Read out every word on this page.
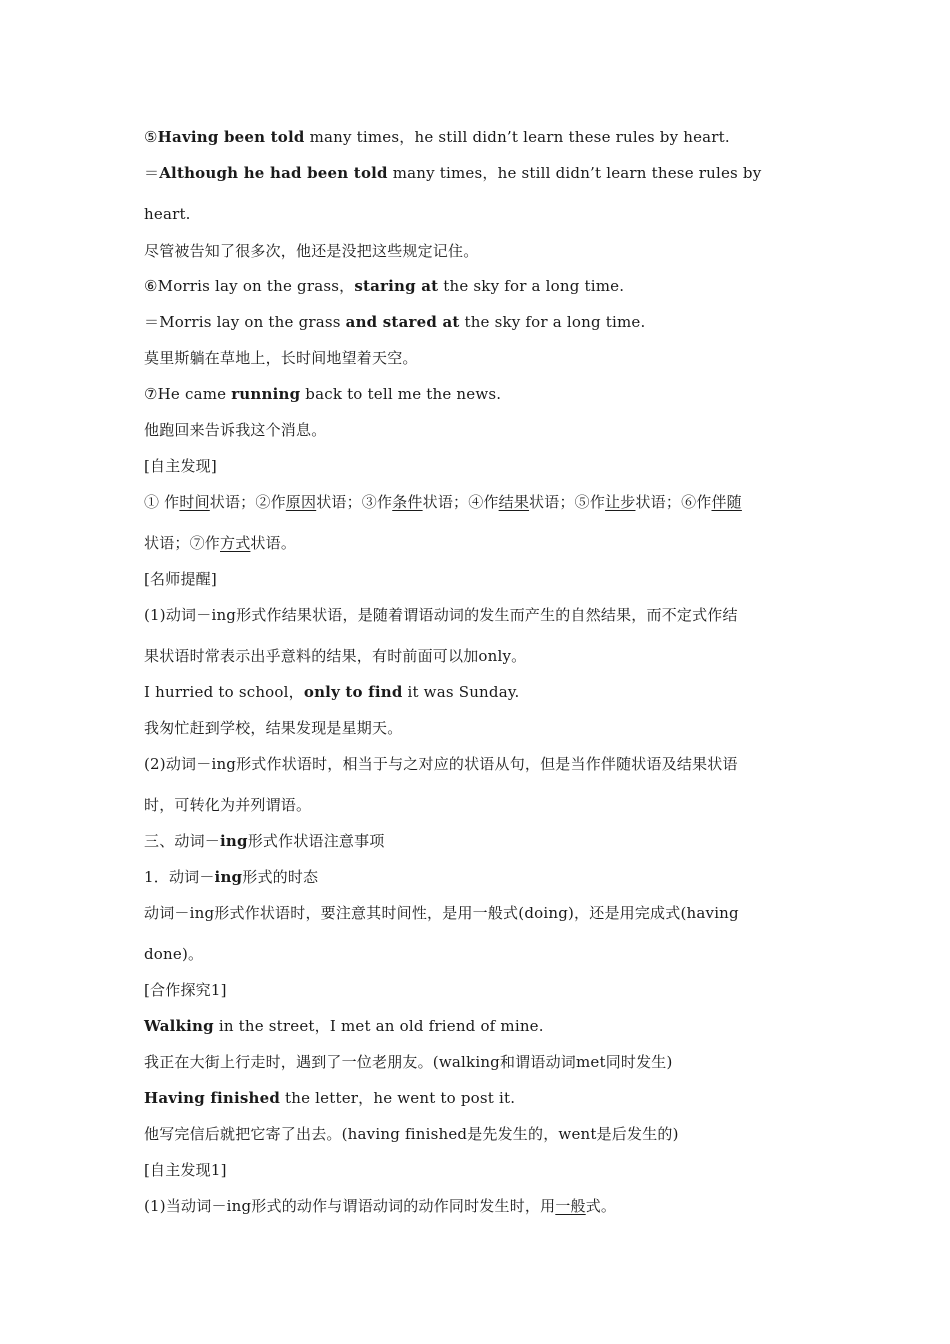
⑤Having been told many times，he still didn’t learn these rules by heart.

＝Although he had been told many times，he still didn’t learn these rules by

heart.

尽管被告知了很多次，他还是没把这些规定记住。

⑥Morris lay on the grass，staring at the sky for a long time.

＝Morris lay on the grass and stared at the sky for a long time.

莫里斯躺在草地上，长时间地望着天空。

⑦He came running back to tell me the news.

他跑回来告诉我这个消息。

[自主发现]

① 作时间状语；②作原因状语；③作条件状语；④作结果状语；⑤作让步状语；⑥作伴随

状语；⑦作方式状语。

[名师提醒]

(1)动词－ing形式作结果状语，是随着谓语动词的发生而产生的自然结果，而不定式作结

果状语时常表示出乎意料的结果，有时前面可以加only。

I hurried to school，only to find it was Sunday.

我匆忙赶到学校，结果发现是星期天。

(2)动词－ing形式作状语时，相当于与之对应的状语从句，但是当作伴随状语及结果状语

时，可转化为并列谓语。

三、动词－ing形式作状语注意事项

1．动词－ing形式的时态

动词－ing形式作状语时，要注意其时间性，是用一般式(doing)，还是用完成式(having

done)。

[合作探究1]

Walking in the street，I met an old friend of mine.

我正在大街上行走时，遇到了一位老朋友。(walking和谓语动词met同时发生)

Having finished the letter，he went to post it.

他写完信后就把它寄了出去。(having finished是先发生的，went是后发生的)

[自主发现1]

(1)当动词－ing形式的动作与谓语动词的动作同时发生时，用一般式。
